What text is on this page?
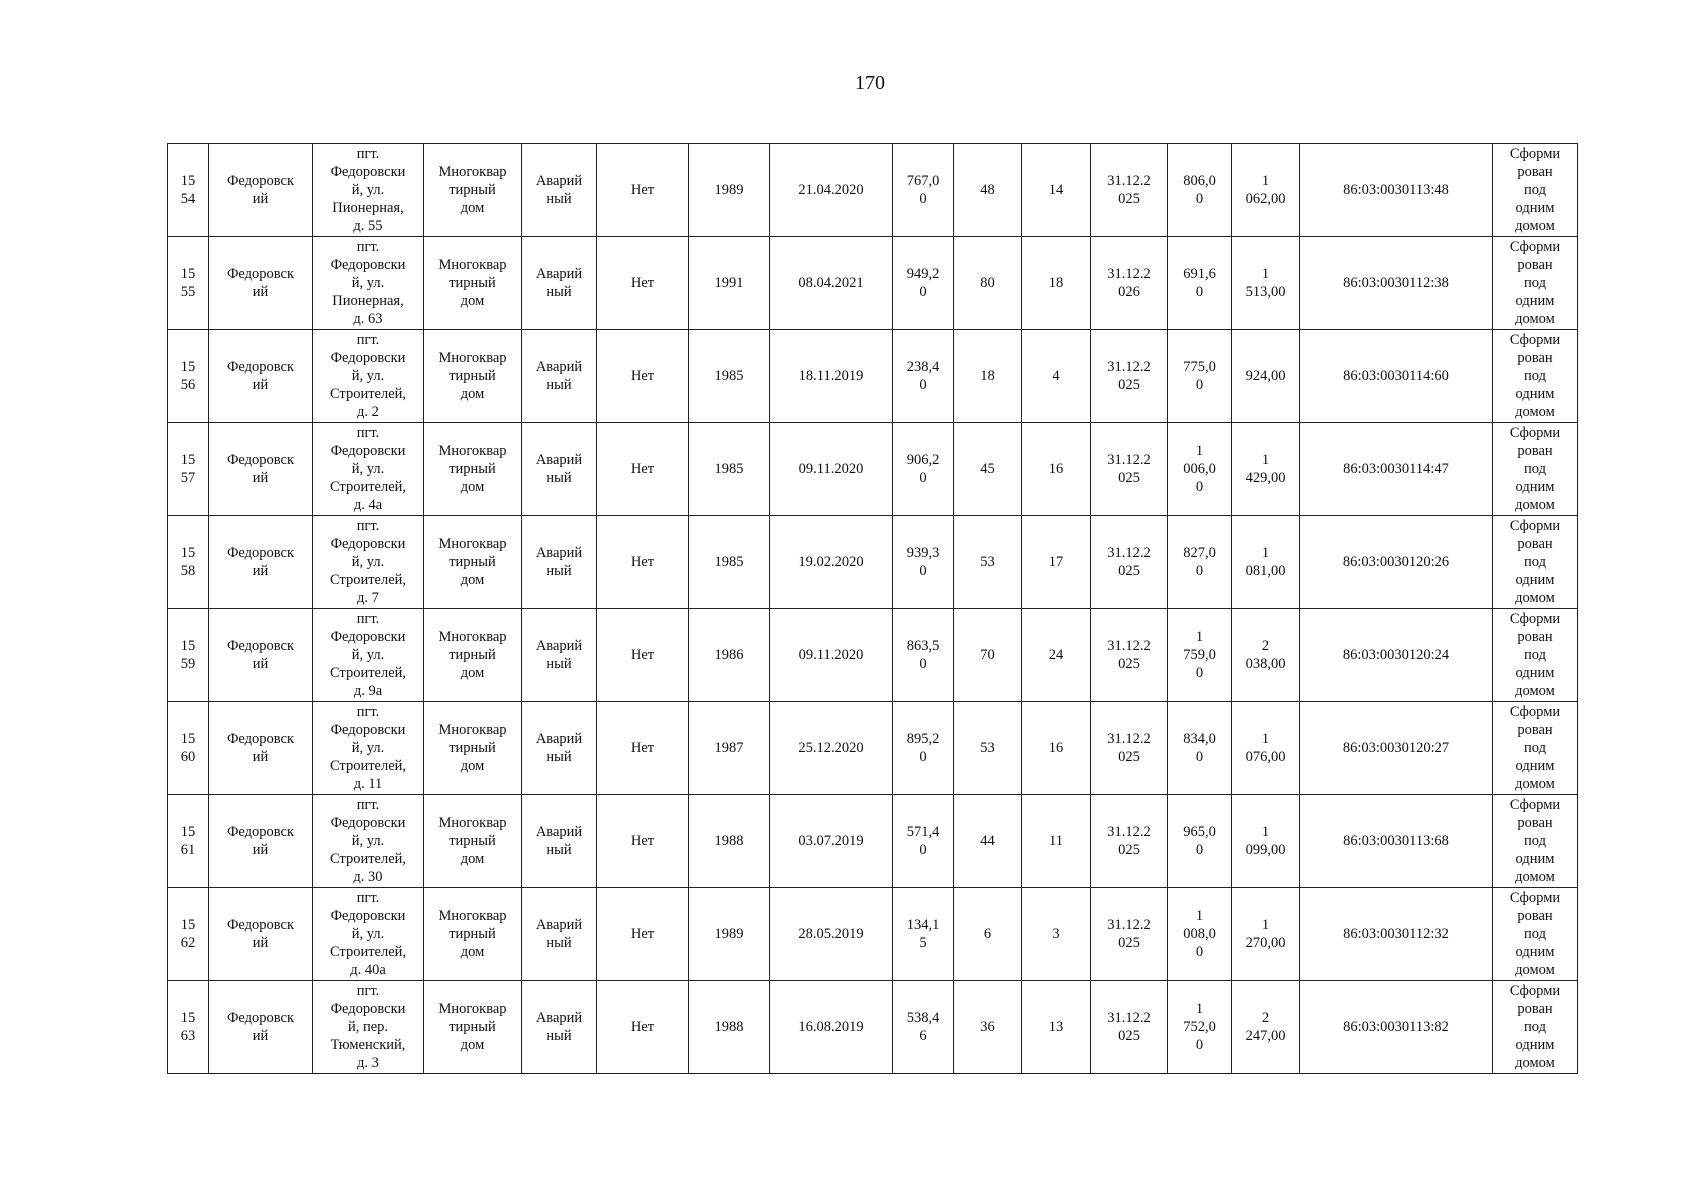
170
15
54	Федоровск
ий	пгт.
Федоровски
й, ул.
Пионерная,
д. 55	Многоквар
тирный
дом	Аварий
ный	Нет	1989	21.04.2020	767,0
0	48	14	31.12.2
025	806,0
0	1
062,00	86:03:0030113:48	Сформи
рован
под
одним
домом

15
55	Федоровск
ий	пгт.
Федоровски
й, ул.
Пионерная,
д. 63	Многоквар
тирный
дом	Аварий
ный	Нет	1991	08.04.2021	949,2
0	80	18	31.12.2
026	691,6
0	1
513,00	86:03:0030112:38	Сформи
рован
под
одним
домом

15
56	Федоровск
ий	пгт.
Федоровски
й, ул.
Строителей,
д. 2	Многоквар
тирный
дом	Аварий
ный	Нет	1985	18.11.2019	238,4
0	18	4	31.12.2
025	775,0
0	924,00	86:03:0030114:60	Сформи
рован
под
одним
домом

15
57	Федоровск
ий	пгт.
Федоровски
й, ул.
Строителей,
д. 4а	Многоквар
тирный
дом	Аварий
ный	Нет	1985	09.11.2020	906,2
0	45	16	31.12.2
025	1
006,0
0	1
429,00	86:03:0030114:47	Сформи
рован
под
одним
домом

15
58	Федоровск
ий	пгт.
Федоровски
й, ул.
Строителей,
д. 7	Многоквар
тирный
дом	Аварий
ный	Нет	1985	19.02.2020	939,3
0	53	17	31.12.2
025	827,0
0	1
081,00	86:03:0030120:26	Сформи
рован
под
одним
домом

15
59	Федоровск
ий	пгт.
Федоровски
й, ул.
Строителей,
д. 9а	Многоквар
тирный
дом	Аварий
ный	Нет	1986	09.11.2020	863,5
0	70	24	31.12.2
025	1
759,0
0	2
038,00	86:03:0030120:24	Сформи
рован
под
одним
домом

15
60	Федоровск
ий	пгт.
Федоровски
й, ул.
Строителей,
д. 11	Многоквар
тирный
дом	Аварий
ный	Нет	1987	25.12.2020	895,2
0	53	16	31.12.2
025	834,0
0	1
076,00	86:03:0030120:27	Сформи
рован
под
одним
домом

15
61	Федоровск
ий	пгт.
Федоровски
й, ул.
Строителей,
д. 30	Многоквар
тирный
дом	Аварий
ный	Нет	1988	03.07.2019	571,4
0	44	11	31.12.2
025	965,0
0	1
099,00	86:03:0030113:68	Сформи
рован
под
одним
домом

15
62	Федоровск
ий	пгт.
Федоровски
й, ул.
Строителей,
д. 40а	Многоквар
тирный
дом	Аварий
ный	Нет	1989	28.05.2019	134,1
5	6	3	31.12.2
025	1
008,0
0	1
270,00	86:03:0030112:32	Сформи
рован
под
одним
домом

15
63	Федоровск
ий	пгт.
Федоровски
й, пер.
Тюменский,
д. 3	Многоквар
тирный
дом	Аварий
ный	Нет	1988	16.08.2019	538,4
6	36	13	31.12.2
025	1
752,0
0	2
247,00	86:03:0030113:82	Сформи
рован
под
одним
домом
